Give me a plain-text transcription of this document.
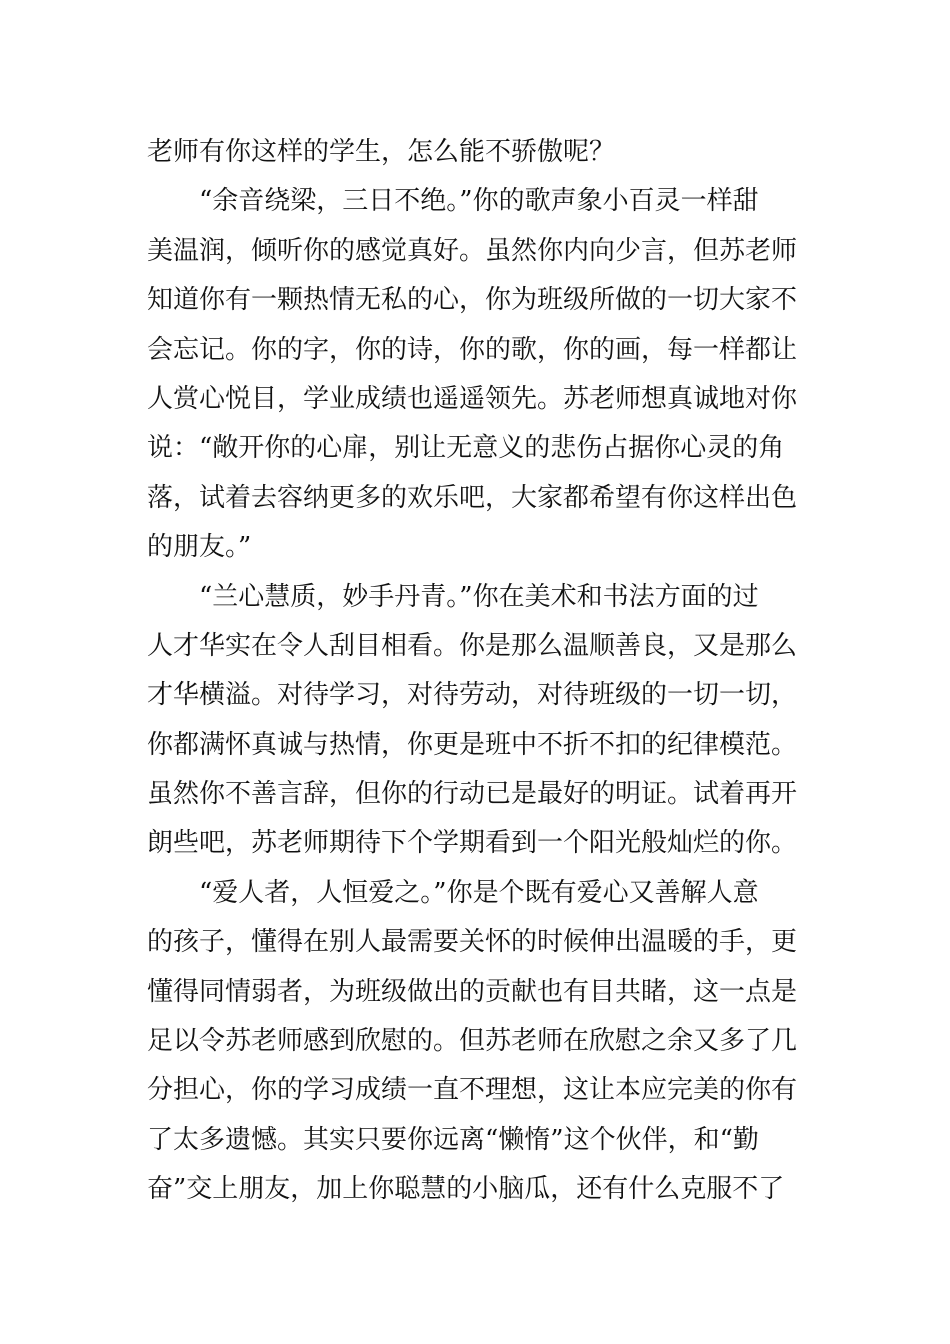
老师有你这样的学生，怎么能不骄傲呢？
“余音绕梁，三日不绝。”你的歌声象小百灵一样甜
美温润，倾听你的感觉真好。虽然你内向少言，但苏老师
知道你有一颗热情无私的心，你为班级所做的一切大家不
会忘记。你的字，你的诗，你的歌，你的画，每一样都让
人赏心悦目，学业成绩也遥遥领先。苏老师想真诚地对你
说：“敞开你的心扉，别让无意义的悲伤占据你心灵的角
落，试着去容纳更多的欢乐吧，大家都希望有你这样出色
的朋友。”
“兰心慧质，妙手丹青。”你在美术和书法方面的过
人才华实在令人刮目相看。你是那么温顺善良，又是那么
才华横溢。对待学习，对待劳动，对待班级的一切一切，
你都满怀真诚与热情，你更是班中不折不扣的纪律模范。
虽然你不善言辞，但你的行动已是最好的明证。试着再开
朗些吧，苏老师期待下个学期看到一个阳光般灿烂的你。
“爱人者，人恒爱之。”你是个既有爱心又善解人意
的孩子，懂得在别人最需要关怀的时候伸出温暖的手，更
懂得同情弱者，为班级做出的贡献也有目共睹，这一点是
足以令苏老师感到欣慰的。但苏老师在欣慰之余又多了几
分担心，你的学习成绩一直不理想，这让本应完美的你有
了太多遗憾。其实只要你远离“懒惰”这个伙伴，和“勤
奋”交上朋友，加上你聪慧的小脑瓜，还有什么克服不了
